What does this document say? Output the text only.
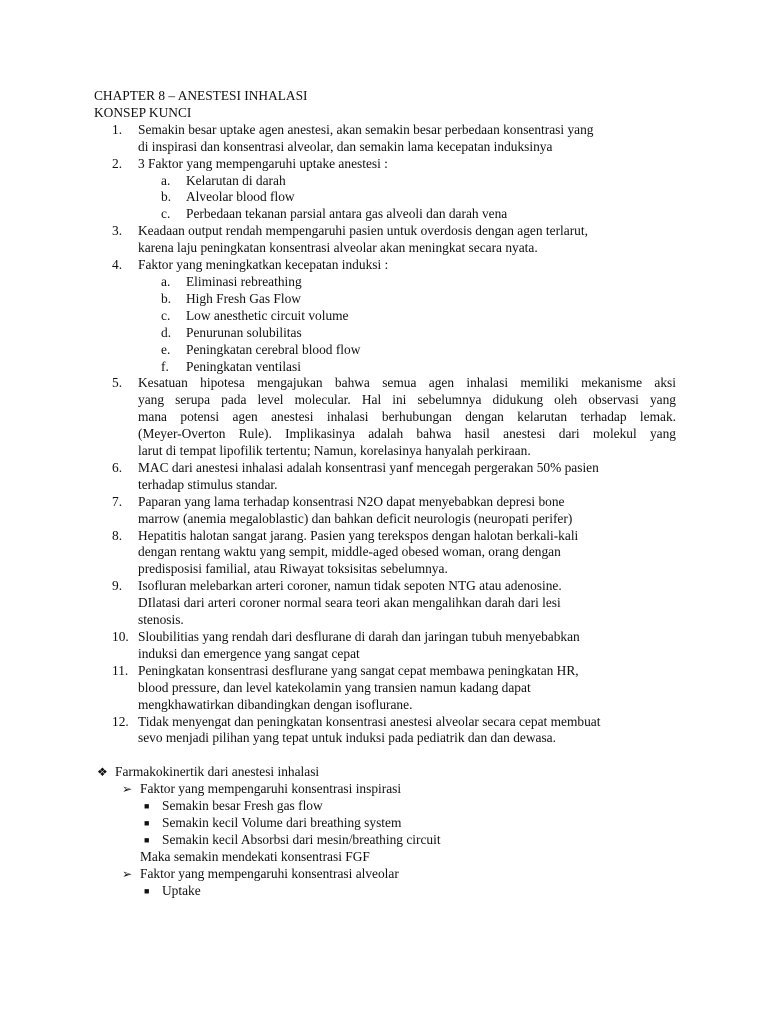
CHAPTER 8 – ANESTESI INHALASI
KONSEP KUNCI
1.	Semakin besar uptake agen anestesi, akan semakin besar perbedaan konsentrasi yang
di inspirasi dan konsentrasi alveolar, dan semakin lama kecepatan induksinya
2.	3 Faktor yang mempengaruhi uptake anestesi :
a. Kelarutan di darah
b. Alveolar blood flow
c. Perbedaan tekanan parsial antara gas alveoli dan darah vena
3.	Keadaan output rendah mempengaruhi pasien untuk overdosis dengan agen terlarut,
karena laju peningkatan konsentrasi alveolar akan meningkat secara nyata.
4.	Faktor yang meningkatkan kecepatan induksi :
a. Eliminasi rebreathing
b. High Fresh Gas Flow
c. Low anesthetic circuit volume
d. Penurunan solubilitas
e. Peningkatan cerebral blood flow
f. Peningkatan ventilasi
5.	Kesatuan hipotesa mengajukan bahwa semua agen inhalasi memiliki mekanisme aksi
yang serupa pada level molecular. Hal ini sebelumnya didukung oleh observasi yang
mana potensi agen anestesi inhalasi berhubungan dengan kelarutan terhadap lemak.
(Meyer-Overton Rule). Implikasinya adalah bahwa hasil anestesi dari molekul yang
larut di tempat lipofilik tertentu; Namun, korelasinya hanyalah perkiraan.
6.	MAC dari anestesi inhalasi adalah konsentrasi yanf mencegah pergerakan 50% pasien
terhadap stimulus standar.
7.	Paparan yang lama terhadap konsentrasi N2O dapat menyebabkan depresi bone
marrow (anemia megaloblastic) dan bahkan deficit neurologis (neuropati perifer)
8.	Hepatitis halotan sangat jarang. Pasien yang terekspos dengan halotan berkali-kali
dengan rentang waktu yang sempit, middle-aged obesed woman, orang dengan
predisposisi familial, atau Riwayat toksisitas sebelumnya.
9.	Isofluran melebarkan arteri coroner, namun tidak sepoten NTG atau adenosine.
DIlatasi dari arteri coroner normal seara teori akan mengalihkan darah dari lesi
stenosis.
10. Sloubilitias yang rendah dari desflurane di darah dan jaringan tubuh menyebabkan
induksi dan emergence yang sangat cepat
11. Peningkatan konsentrasi desflurane yang sangat cepat membawa peningkatan HR,
blood pressure, dan level katekolamin yang transien namun kadang dapat
mengkhawatirkan dibandingkan dengan isoflurane.
12. Tidak menyengat dan peningkatan konsentrasi anestesi alveolar secara cepat membuat
sevo menjadi pilihan yang tepat untuk induksi pada pediatrik dan dan dewasa.
❖ Farmakokinertik dari anestesi inhalasi
➢ Faktor yang mempengaruhi konsentrasi inspirasi
■ Semakin besar Fresh gas flow
■ Semakin kecil Volume dari breathing system
■ Semakin kecil Absorbsi dari mesin/breathing circuit
Maka semakin mendekati konsentrasi FGF
➢ Faktor yang mempengaruhi konsentrasi alveolar
■ Uptake
